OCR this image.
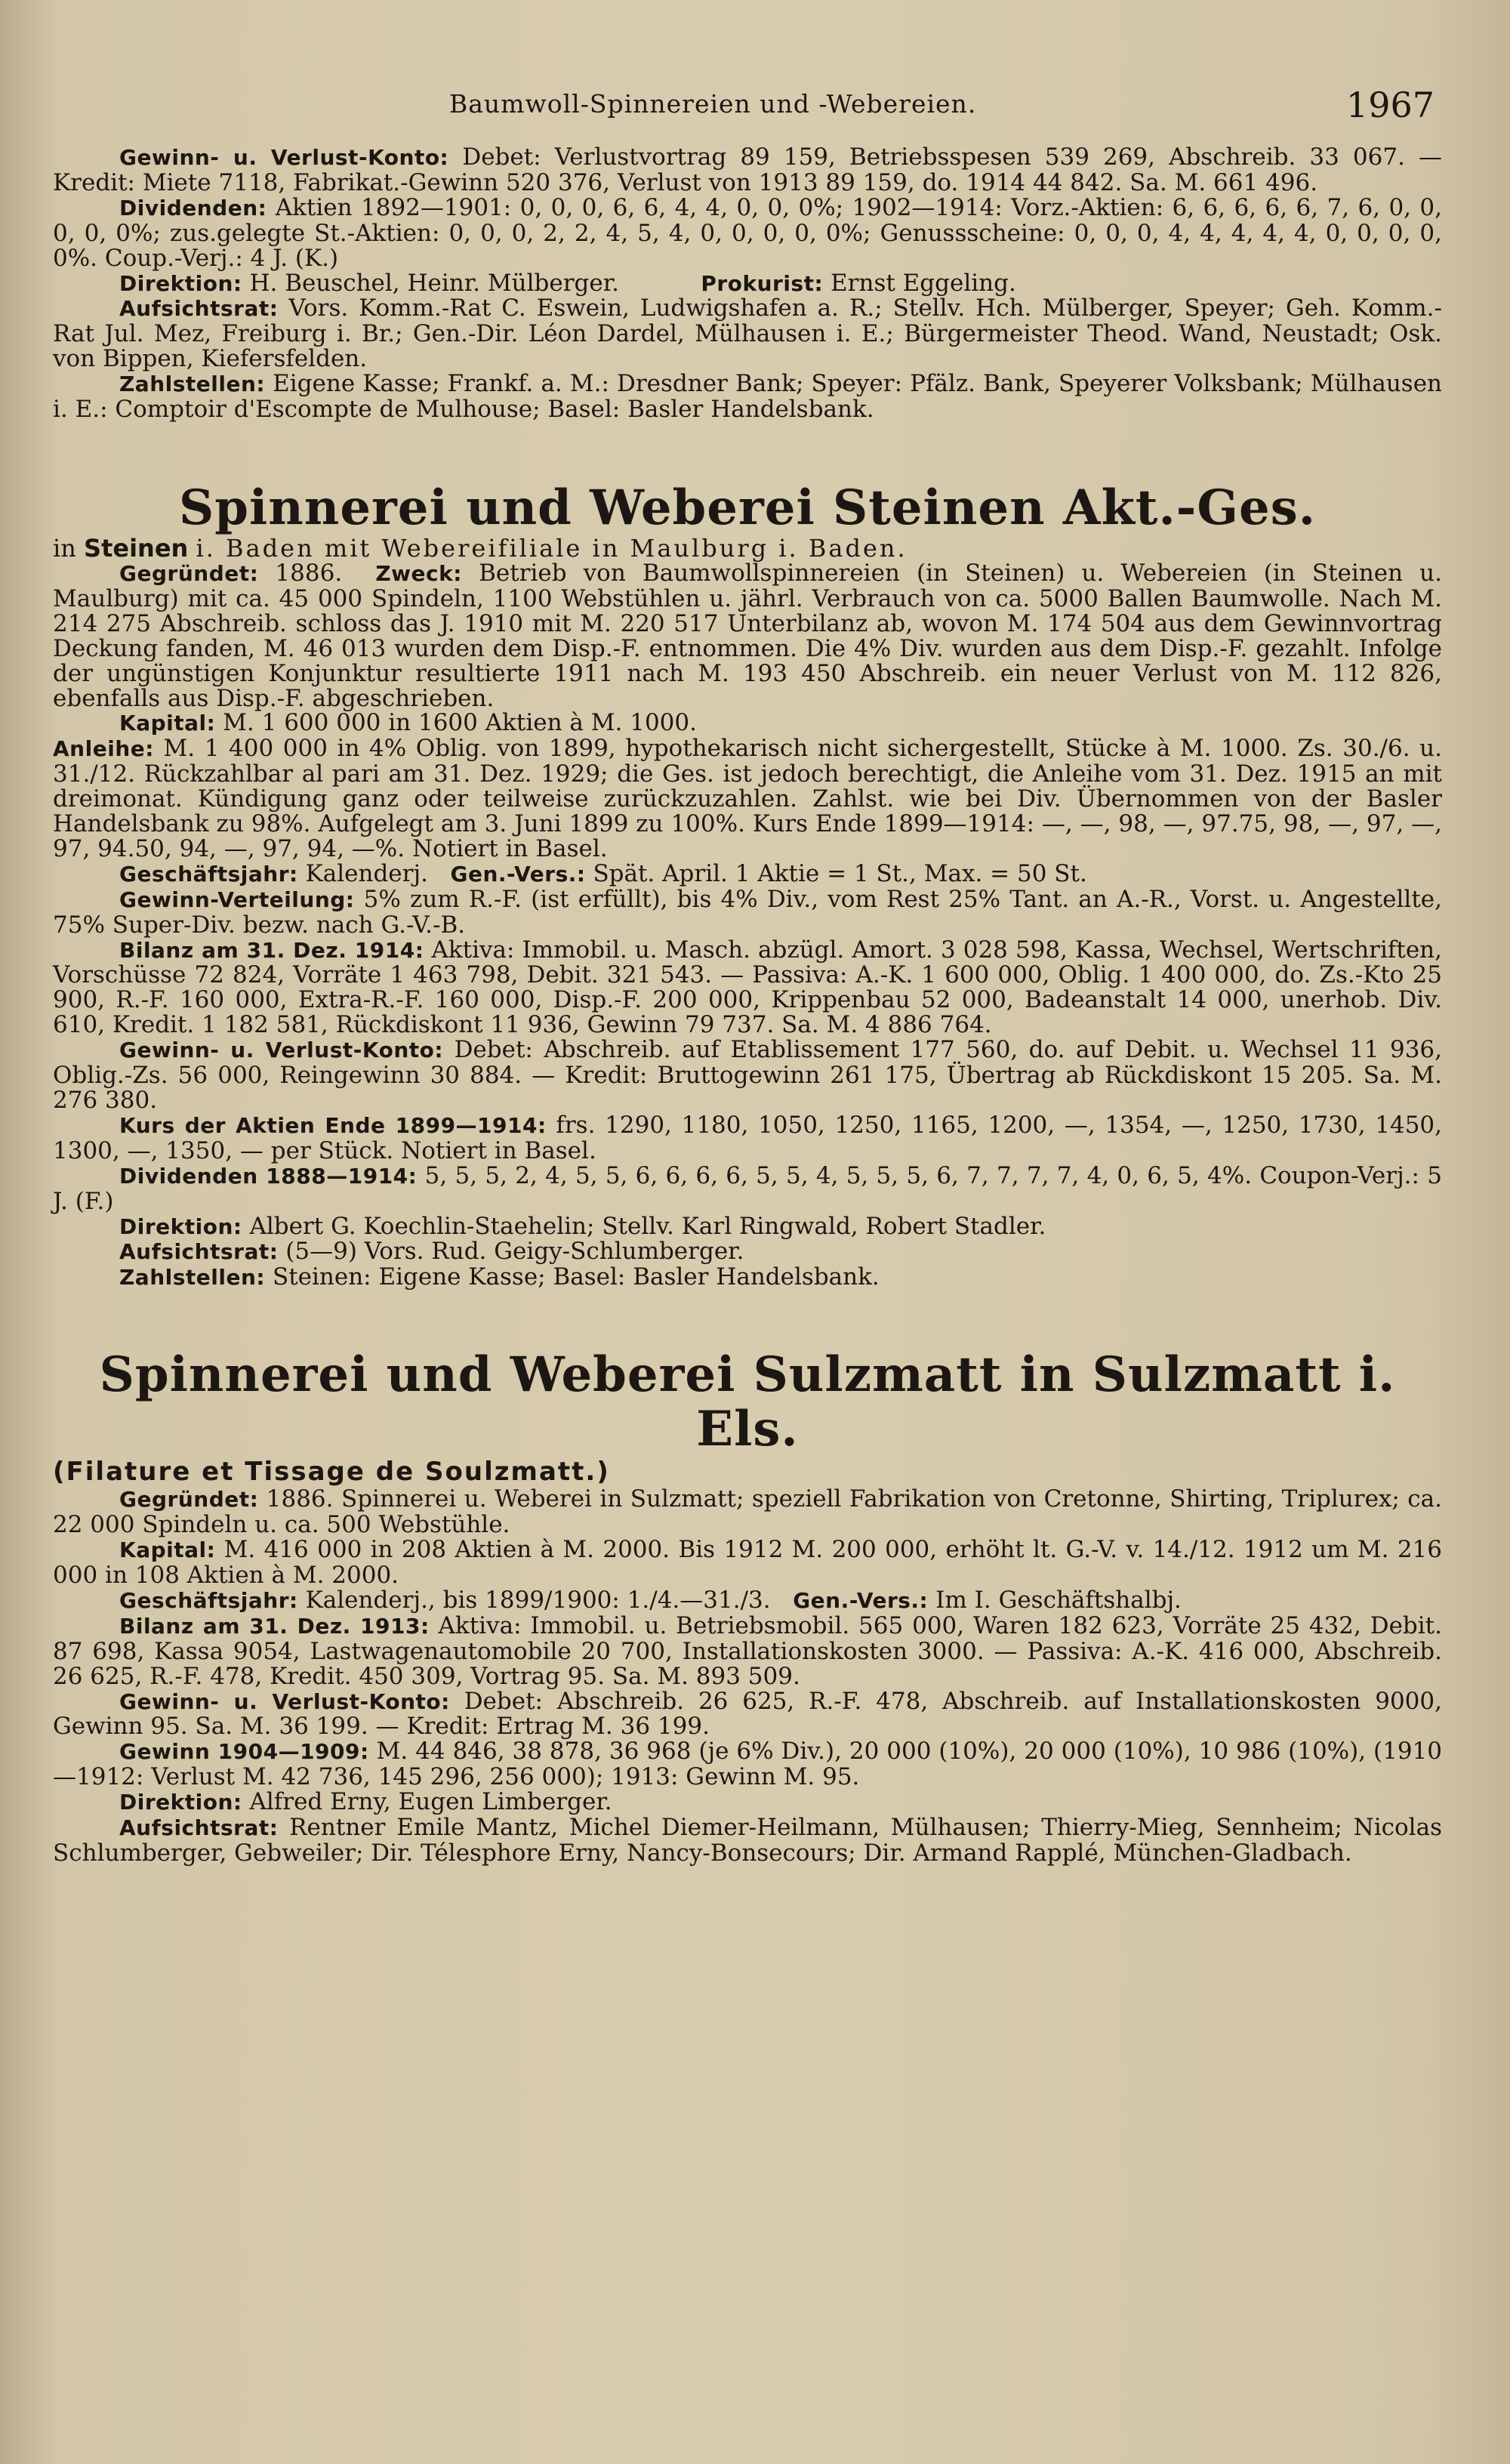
Baumwoll-Spinnereien und -Webereien.	1967

Gewinn- u. Verlust-Konto: Debet: Verlustvortrag 89 159, Betriebsspesen 539 269, Abschreib. 33 067. — Kredit: Miete 7118, Fabrikat.-Gewinn 520 376, Verlust von 1913 89 159, do. 1914 44 842. Sa. M. 661 496.

Dividenden: Aktien 1892—1901: 0, 0, 0, 6, 6, 4, 4, 0, 0, 0%; 1902—1914: Vorz.-Aktien: 6, 6, 6, 6, 6, 7, 6, 0, 0, 0, 0, 0%; zus.gelegte St.-Aktien: 0, 0, 0, 2, 2, 4, 5, 4, 0, 0, 0, 0, 0%; Genussscheine: 0, 0, 0, 4, 4, 4, 4, 4, 0, 0, 0, 0, 0%. Coup.-Verj.: 4 J. (K.)

Direktion: H. Beuschel, Heinr. Mülberger.	Prokurist: Ernst Eggeling.

Aufsichtsrat: Vors. Komm.-Rat C. Eswein, Ludwigshafen a. R.; Stellv. Hch. Mülberger, Speyer; Geh. Komm.-Rat Jul. Mez, Freiburg i. Br.; Gen.-Dir. Léon Dardel, Mülhausen i. E.; Bürgermeister Theod. Wand, Neustadt; Osk. von Bippen, Kiefersfelden.

Zahlstellen: Eigene Kasse; Frankf. a. M.: Dresdner Bank; Speyer: Pfälz. Bank, Speyerer Volksbank; Mülhausen i. E.: Comptoir d'Escompte de Mulhouse; Basel: Basler Handelsbank.

Spinnerei und Weberei Steinen Akt.-Ges.

in Steinen i. Baden mit Webereifiliale in Maulburg i. Baden.

Gegründet: 1886. Zweck: Betrieb von Baumwollspinnereien (in Steinen) u. Webereien (in Steinen u. Maulburg) mit ca. 45 000 Spindeln, 1100 Webstühlen u. jährl. Verbrauch von ca. 5000 Ballen Baumwolle. Nach M. 214 275 Abschreib. schloss das J. 1910 mit M. 220 517 Unterbilanz ab, wovon M. 174 504 aus dem Gewinnvortrag Deckung fanden, M. 46 013 wurden dem Disp.-F. entnommen. Die 4% Div. wurden aus dem Disp.-F. gezahlt. Infolge der ungünstigen Konjunktur resultierte 1911 nach M. 193 450 Abschreib. ein neuer Verlust von M. 112 826, ebenfalls aus Disp.-F. abgeschrieben.

Kapital: M. 1 600 000 in 1600 Aktien à M. 1000.

Anleihe: M. 1 400 000 in 4% Oblig. von 1899, hypothekarisch nicht sichergestellt, Stücke à M. 1000. Zs. 30./6. u. 31./12. Rückzahlbar al pari am 31. Dez. 1929; die Ges. ist jedoch berechtigt, die Anleihe vom 31. Dez. 1915 an mit dreimonat. Kündigung ganz oder teilweise zurückzuzahlen. Zahlst. wie bei Div. Übernommen von der Basler Handelsbank zu 98%. Aufgelegt am 3. Juni 1899 zu 100%. Kurs Ende 1899—1914: —, —, 98, —, 97.75, 98, —, 97, —, 97, 94.50, 94, —, 97, 94, —%. Notiert in Basel.

Geschäftsjahr: Kalenderj. Gen.-Vers.: Spät. April. 1 Aktie = 1 St., Max. = 50 St.

Gewinn-Verteilung: 5% zum R.-F. (ist erfüllt), bis 4% Div., vom Rest 25% Tant. an A.-R., Vorst. u. Angestellte, 75% Super-Div. bezw. nach G.-V.-B.

Bilanz am 31. Dez. 1914: Aktiva: Immobil. u. Masch. abzügl. Amort. 3 028 598, Kassa, Wechsel, Wertschriften, Vorschüsse 72 824, Vorräte 1 463 798, Debit. 321 543. — Passiva: A.-K. 1 600 000, Oblig. 1 400 000, do. Zs.-Kto 25 900, R.-F. 160 000, Extra-R.-F. 160 000, Disp.-F. 200 000, Krippenbau 52 000, Badeanstalt 14 000, unerhob. Div. 610, Kredit. 1 182 581, Rückdiskont 11 936, Gewinn 79 737. Sa. M. 4 886 764.

Gewinn- u. Verlust-Konto: Debet: Abschreib. auf Etablissement 177 560, do. auf Debit. u. Wechsel 11 936, Oblig.-Zs. 56 000, Reingewinn 30 884. — Kredit: Bruttogewinn 261 175, Übertrag ab Rückdiskont 15 205. Sa. M. 276 380.

Kurs der Aktien Ende 1899—1914: frs. 1290, 1180, 1050, 1250, 1165, 1200, —, 1354, —, 1250, 1730, 1450, 1300, —, 1350, — per Stück. Notiert in Basel.

Dividenden 1888—1914: 5, 5, 5, 2, 4, 5, 5, 6, 6, 6, 6, 5, 5, 4, 5, 5, 5, 6, 7, 7, 7, 7, 4, 0, 6, 5, 4%. Coupon-Verj.: 5 J. (F.)

Direktion: Albert G. Koechlin-Staehelin; Stellv. Karl Ringwald, Robert Stadler.

Aufsichtsrat: (5—9) Vors. Rud. Geigy-Schlumberger.

Zahlstellen: Steinen: Eigene Kasse; Basel: Basler Handelsbank.

Spinnerei und Weberei Sulzmatt in Sulzmatt i. Els.

(Filature et Tissage de Soulzmatt.)

Gegründet: 1886. Spinnerei u. Weberei in Sulzmatt; speziell Fabrikation von Cretonne, Shirting, Triplurex; ca. 22 000 Spindeln u. ca. 500 Webstühle.

Kapital: M. 416 000 in 208 Aktien à M. 2000. Bis 1912 M. 200 000, erhöht lt. G.-V. v. 14./12. 1912 um M. 216 000 in 108 Aktien à M. 2000.

Geschäftsjahr: Kalenderj., bis 1899/1900: 1./4.—31./3. Gen.-Vers.: Im I. Geschäftshalbj.

Bilanz am 31. Dez. 1913: Aktiva: Immobil. u. Betriebsmobil. 565 000, Waren 182 623, Vorräte 25 432, Debit. 87 698, Kassa 9054, Lastwagenautomobile 20 700, Installationskosten 3000. — Passiva: A.-K. 416 000, Abschreib. 26 625, R.-F. 478, Kredit. 450 309, Vortrag 95. Sa. M. 893 509.

Gewinn- u. Verlust-Konto: Debet: Abschreib. 26 625, R.-F. 478, Abschreib. auf Installationskosten 9000, Gewinn 95. Sa. M. 36 199. — Kredit: Ertrag M. 36 199.

Gewinn 1904—1909: M. 44 846, 38 878, 36 968 (je 6% Div.), 20 000 (10%), 20 000 (10%), 10 986 (10%), (1910—1912: Verlust M. 42 736, 145 296, 256 000); 1913: Gewinn M. 95.

Direktion: Alfred Erny, Eugen Limberger.

Aufsichtsrat: Rentner Emile Mantz, Michel Diemer-Heilmann, Mülhausen; Thierry-Mieg, Sennheim; Nicolas Schlumberger, Gebweiler; Dir. Télesphore Erny, Nancy-Bonsecours; Dir. Armand Rapplé, München-Gladbach.
